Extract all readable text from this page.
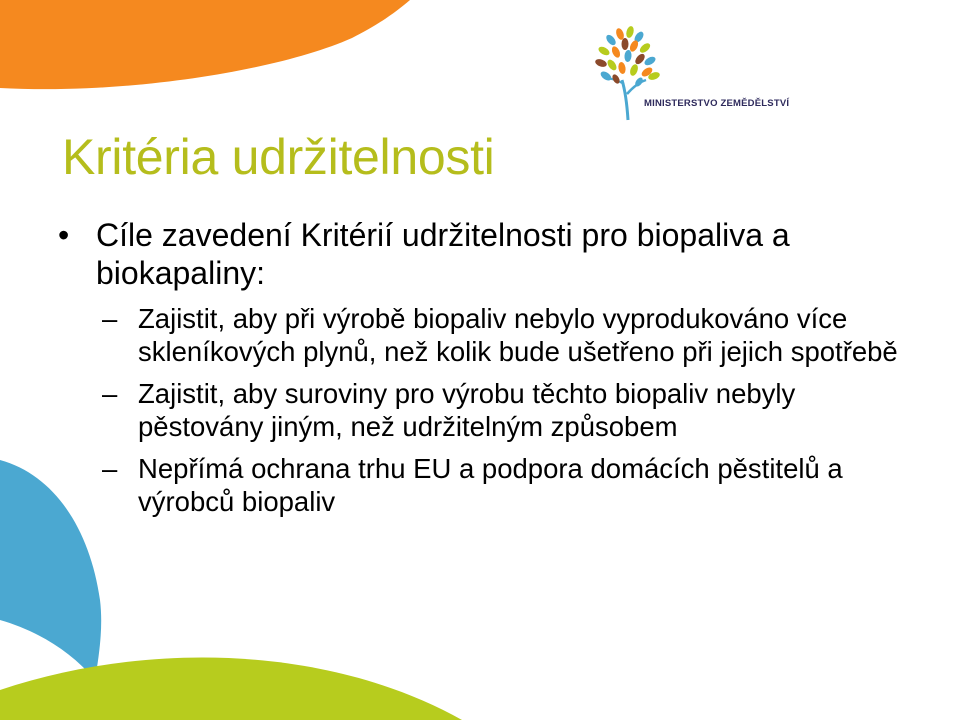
MINISTERSTVO ZEMĚDĚLSTVÍ
Kritéria udržitelnosti
• Cíle zavedení Kritérií udržitelnosti pro biopaliva a biokapaliny:
– Zajistit, aby při výrobě biopaliv nebylo vyprodukováno více skleníkových plynů, než kolik bude ušetřeno při jejich spotřebě
– Zajistit, aby suroviny pro výrobu těchto biopaliv nebyly pěstovány jiným, než udržitelným způsobem
– Nepřímá ochrana trhu EU a podpora domácích pěstitelů a výrobců biopaliv
